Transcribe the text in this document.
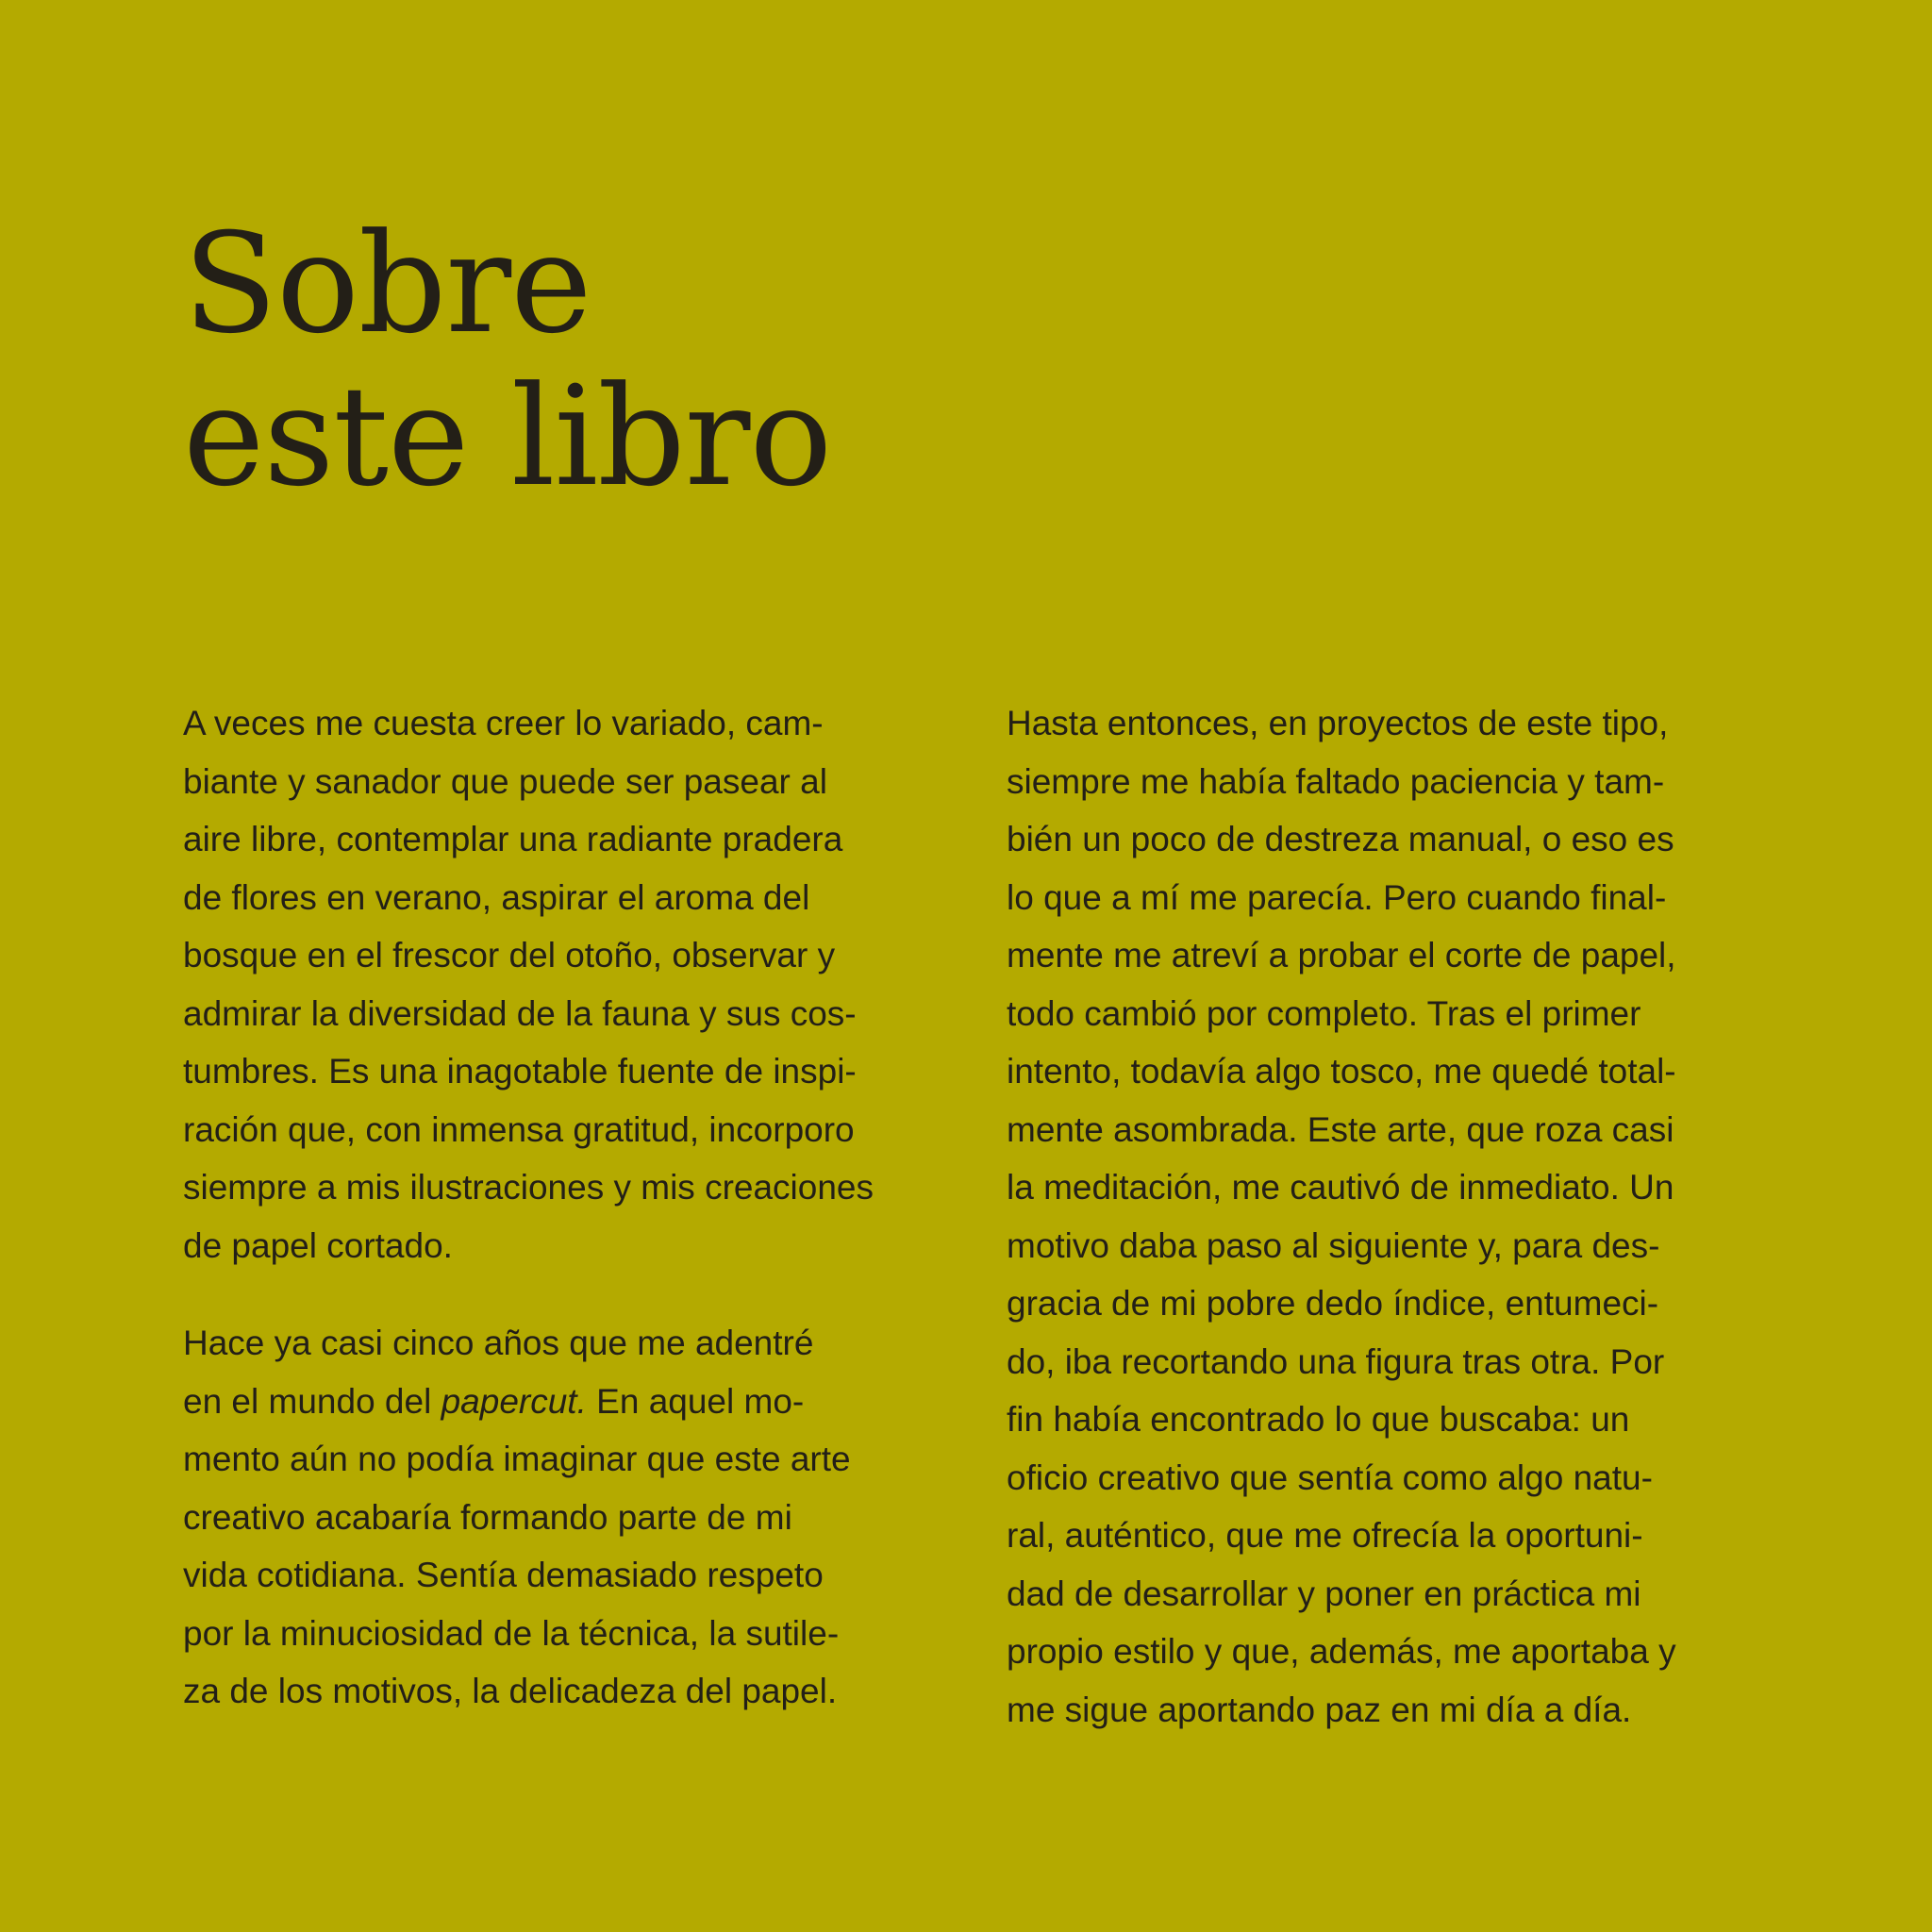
Sobre
este libro
A veces me cuesta creer lo variado, cam-
biante y sanador que puede ser pasear al
aire libre, contemplar una radiante pradera
de flores en verano, aspirar el aroma del
bosque en el frescor del otoño, observar y
admirar la diversidad de la fauna y sus cos-
tumbres. Es una inagotable fuente de inspi-
ración que, con inmensa gratitud, incorporo
siempre a mis ilustraciones y mis creaciones
de papel cortado.
Hace ya casi cinco años que me adentré
en el mundo del papercut. En aquel mo-
mento aún no podía imaginar que este arte
creativo acabaría formando parte de mi
vida cotidiana. Sentía demasiado respeto
por la minuciosidad de la técnica, la sutile-
za de los motivos, la delicadeza del papel.
Hasta entonces, en proyectos de este tipo,
siempre me había faltado paciencia y tam-
bién un poco de destreza manual, o eso es
lo que a mí me parecía. Pero cuando final-
mente me atreví a probar el corte de papel,
todo cambió por completo. Tras el primer
intento, todavía algo tosco, me quedé total-
mente asombrada. Este arte, que roza casi
la meditación, me cautivó de inmediato. Un
motivo daba paso al siguiente y, para des-
gracia de mi pobre dedo índice, entumeci-
do, iba recortando una figura tras otra. Por
fin había encontrado lo que buscaba: un
oficio creativo que sentía como algo natu-
ral, auténtico, que me ofrecía la oportuni-
dad de desarrollar y poner en práctica mi
propio estilo y que, además, me aportaba y
me sigue aportando paz en mi día a día.
